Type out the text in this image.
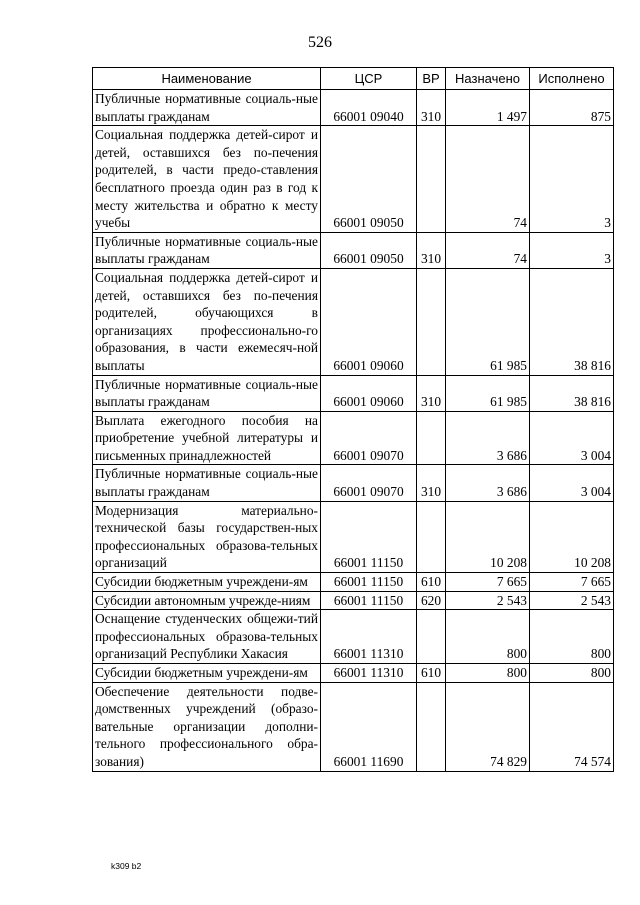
526
Наименование	ЦСР	ВР	Назначено	Исполнено
Публичные нормативные социаль-ные выплаты гражданам	66001 09040	310	1 497	875
Социальная поддержка детей-сирот и детей, оставшихся без по-печения родителей, в части предо-ставления бесплатного проезда один раз в год к месту жительства и обратно к месту учебы	66001 09050		74	3
Публичные нормативные социаль-ные выплаты гражданам	66001 09050	310	74	3
Социальная поддержка детей-сирот и детей, оставшихся без по-печения родителей, обучающихся в организациях профессионально-го образования, в части ежемесяч-ной выплаты	66001 09060		61 985	38 816
Публичные нормативные социаль-ные выплаты гражданам	66001 09060	310	61 985	38 816
Выплата ежегодного пособия на приобретение учебной литературы и письменных принадлежностей	66001 09070		3 686	3 004
Публичные нормативные социаль-ные выплаты гражданам	66001 09070	310	3 686	3 004
Модернизация материально-технической базы государствен-ных профессиональных образова-тельных организаций	66001 11150		10 208	10 208
Субсидии бюджетным учреждени-ям	66001 11150	610	7 665	7 665
Субсидии автономным учрежде-ниям	66001 11150	620	2 543	2 543
Оснащение студенческих общежи-тий профессиональных образова-тельных организаций Республики Хакасия	66001 11310		800	800
Субсидии бюджетным учреждени-ям	66001 11310	610	800	800
Обеспечение деятельности подве-домственных учреждений (образо-вательные организации дополни-тельного профессионального обра-зования)	66001 11690		74 829	74 574
k309 b2
